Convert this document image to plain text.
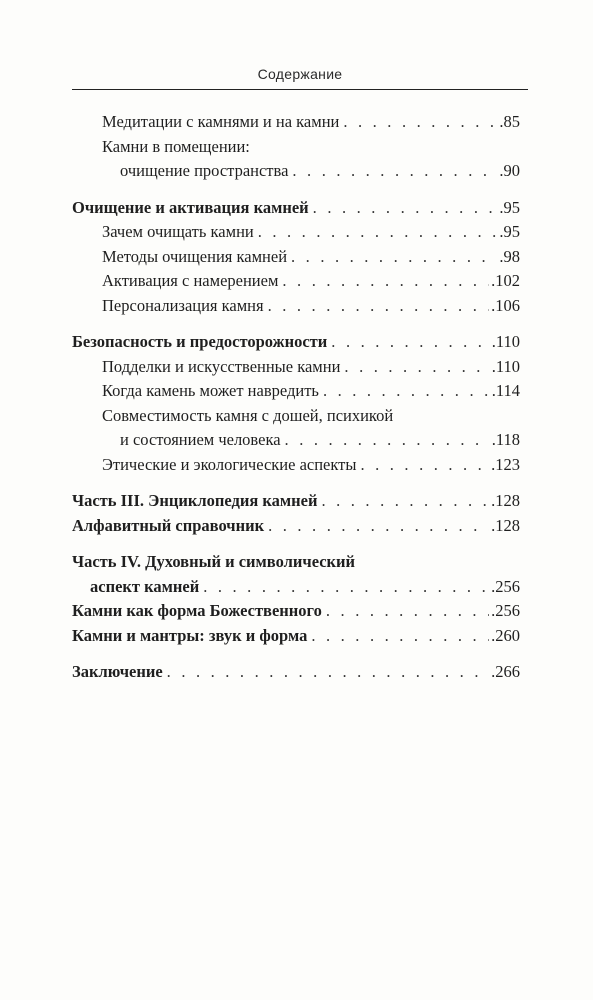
Содержание
Медитации с камнями и на камни . . .	.85
Камни в помещении:
очищение пространства . . .	.90
Очищение и активация камней . . .	.95
Зачем очищать камни . . .	.95
Методы очищения камней . . .	.98
Активация с намерением . . .	.102
Персонализация камня . . .	.106
Безопасность и предосторожности . . .	.110
Подделки и искусственные камни . . .	.110
Когда камень может навредить . . .	.114
Совместимость камня с дошей, психикой
и состоянием человека . . .	.118
Этические и экологические аспекты . . .	.123
Часть III. Энциклопедия камней . . .	.128
Алфавитный справочник . . .	.128
Часть IV. Духовный и символический
аспект камней . . .	.256
Камни как форма Божественного . . .	.256
Камни и мантры: звук и форма . . .	.260
Заключение . . .	.266
